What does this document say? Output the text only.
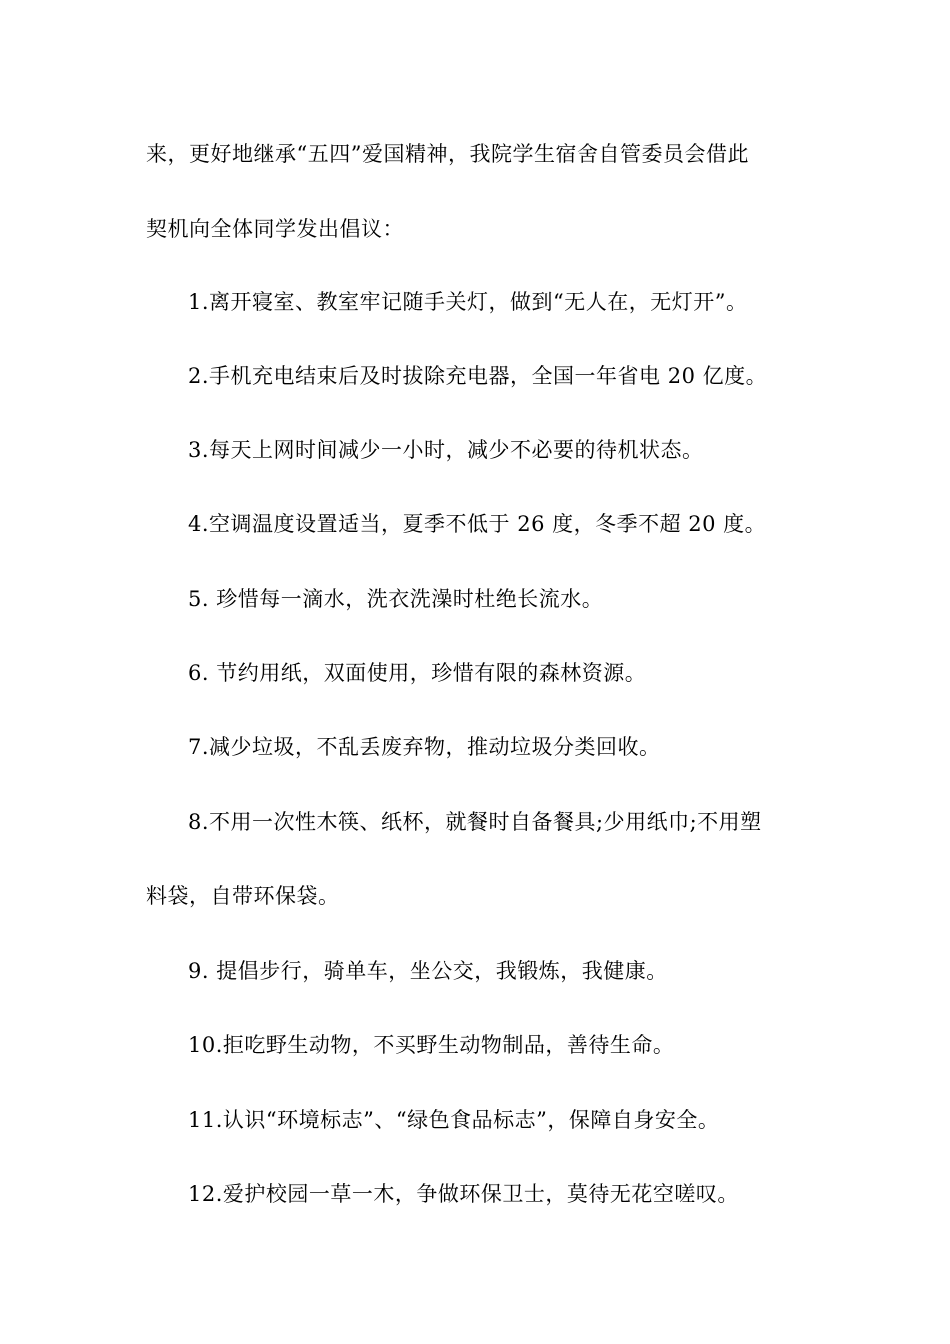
来，更好地继承“五四”爱国精神，我院学生宿舍自管委员会借此
契机向全体同学发出倡议：
1.离开寝室、教室牢记随手关灯，做到“无人在，无灯开”。
2.手机充电结束后及时拔除充电器，全国一年省电 20 亿度。
3.每天上网时间减少一小时，减少不必要的待机状态。
4.空调温度设置适当，夏季不低于 26 度，冬季不超 20 度。
5. 珍惜每一滴水，洗衣洗澡时杜绝长流水。
6. 节约用纸，双面使用，珍惜有限的森林资源。
7.减少垃圾，不乱丢废弃物，推动垃圾分类回收。
8.不用一次性木筷、纸杯，就餐时自备餐具;少用纸巾;不用塑
料袋，自带环保袋。
9. 提倡步行，骑单车，坐公交，我锻炼，我健康。
10.拒吃野生动物，不买野生动物制品，善待生命。
11.认识“环境标志”、“绿色食品标志”，保障自身安全。
12.爱护校园一草一木，争做环保卫士，莫待无花空嗟叹。
